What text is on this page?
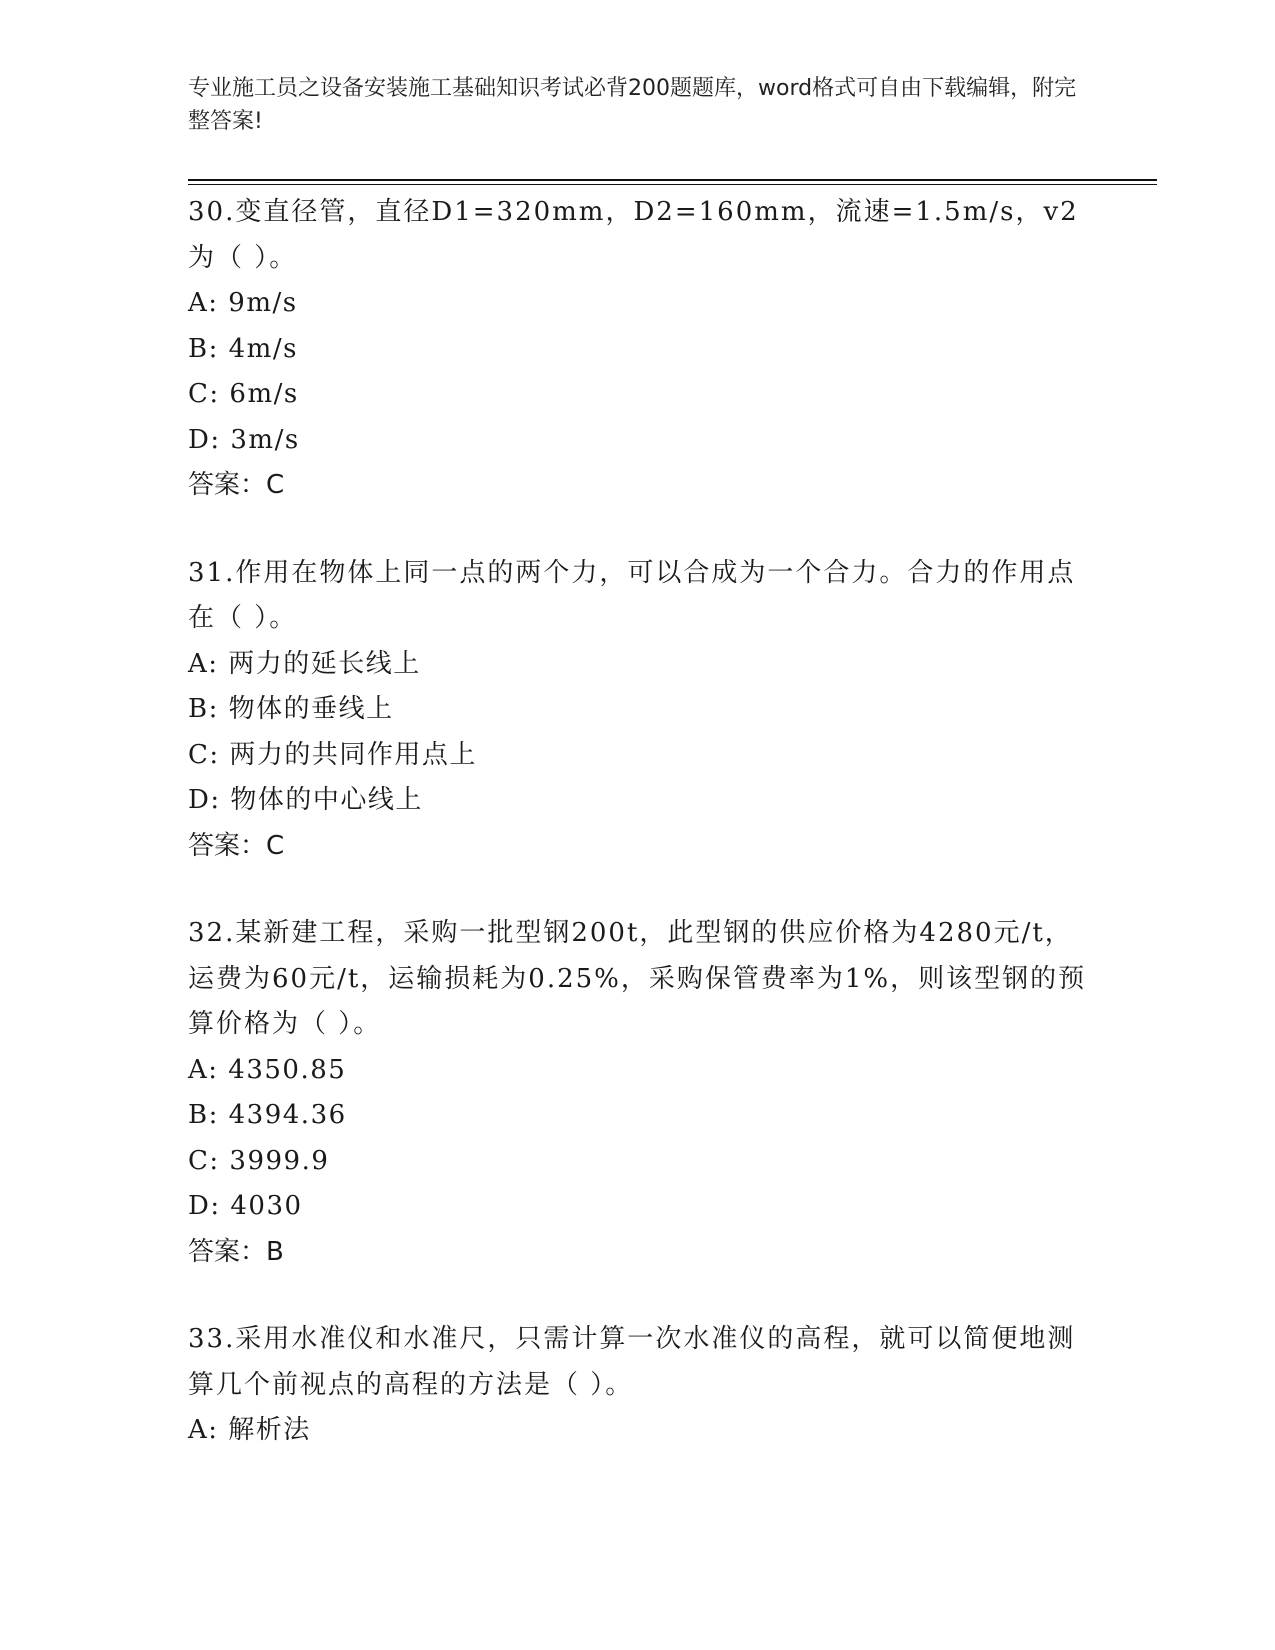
专业施工员之设备安装施工基础知识考试必背200题题库，word格式可自由下载编辑，附完整答案!

30.变直径管，直径D1=320mm，D2=160mm，流速=1.5m/s，v2为（ ）。

A: 9m/s

B: 4m/s

C: 6m/s

D: 3m/s

答案：C

31.作用在物体上同一点的两个力，可以合成为一个合力。合力的作用点在（ ）。

A: 两力的延长线上

B: 物体的垂线上

C: 两力的共同作用点上

D: 物体的中心线上

答案：C

32.某新建工程，采购一批型钢200t，此型钢的供应价格为4280元/t，运费为60元/t，运输损耗为0.25%，采购保管费率为1%，则该型钢的预算价格为（ ）。

A: 4350.85

B: 4394.36

C: 3999.9

D: 4030

答案：B

33.采用水准仪和水准尺，只需计算一次水准仪的高程，就可以简便地测算几个前视点的高程的方法是（ ）。

A: 解析法
